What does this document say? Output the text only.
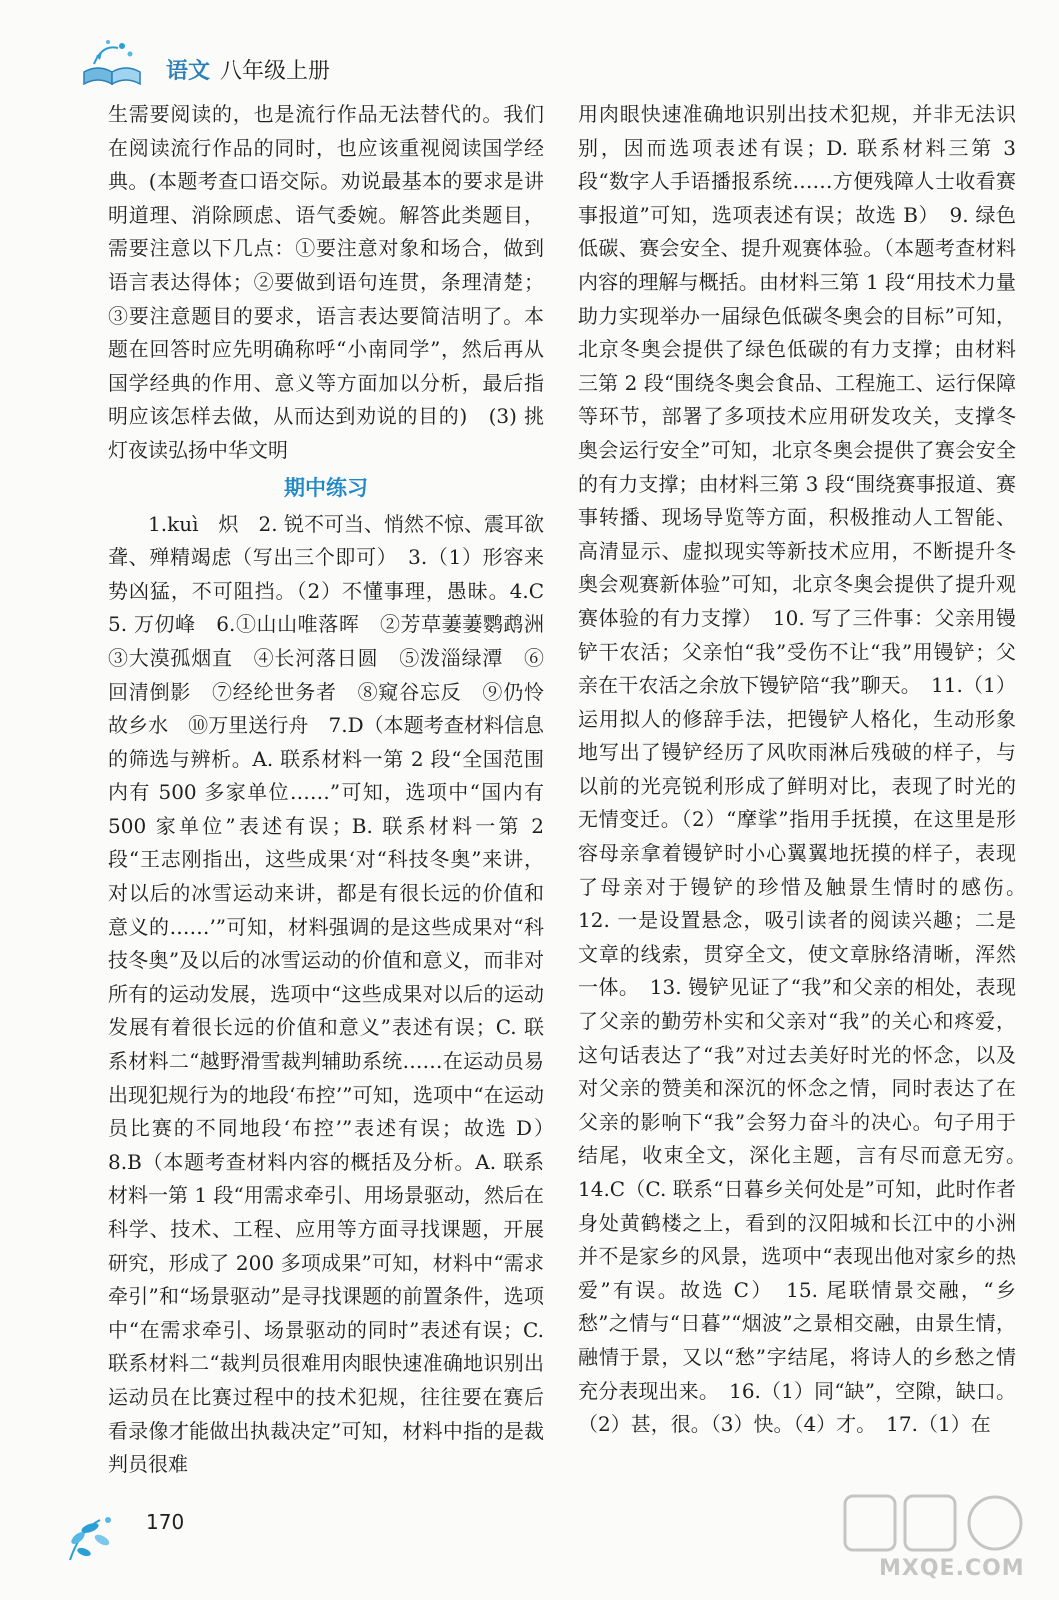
语文 八年级上册

生需要阅读的，也是流行作品无法替代的。我们在阅读流行作品的同时，也应该重视阅读国学经典。(本题考查口语交际。劝说最基本的要求是讲明道理、消除顾虑、语气委婉。解答此类题目，需要注意以下几点：①要注意对象和场合，做到语言表达得体；②要做到语句连贯，条理清楚；③要注意题目的要求，语言表达要简洁明了。本题在回答时应先明确称呼“小南同学”，然后再从国学经典的作用、意义等方面加以分析，最后指明应该怎样去做，从而达到劝说的目的)　(3) 挑灯夜读弘扬中华文明

期中练习

1.kuì　炽　2. 锐不可当、悄然不惊、震耳欲聋、殚精竭虑（写出三个即可）　3.（1）形容来势凶猛，不可阻挡。（2）不懂事理，愚昧。4.C　5. 万仞峰　6.①山山唯落晖　②芳草萋萋鹦鹉洲　③大漠孤烟直　④长河落日圆　⑤泼淄绿潭　⑥回清倒影　⑦经纶世务者　⑧窥谷忘反　⑨仍怜故乡水　⑩万里送行舟　7.D（本题考查材料信息的筛选与辨析。A. 联系材料一第 2 段“全国范围内有 500 多家单位……”可知，选项中“国内有 500 家单位”表述有误；B. 联系材料一第 2 段“王志刚指出，这些成果‘对“科技冬奥”来讲，对以后的冰雪运动来讲，都是有很长远的价值和意义的……’”可知，材料强调的是这些成果对“科技冬奥”及以后的冰雪运动的价值和意义，而非对所有的运动发展，选项中“这些成果对以后的运动发展有着很长远的价值和意义”表述有误；C. 联系材料二“越野滑雪裁判辅助系统……在运动员易出现犯规行为的地段‘布控’”可知，选项中“在运动员比赛的不同地段‘布控’”表述有误；故选 D）　8.B（本题考查材料内容的概括及分析。A. 联系材料一第 1 段“用需求牵引、用场景驱动，然后在科学、技术、工程、应用等方面寻找课题，开展研究，形成了 200 多项成果”可知，材料中“需求牵引”和“场景驱动”是寻找课题的前置条件，选项中“在需求牵引、场景驱动的同时”表述有误；C. 联系材料二“裁判员很难用肉眼快速准确地识别出运动员在比赛过程中的技术犯规，往往要在赛后看录像才能做出执裁决定”可知，材料中指的是裁判员很难

用肉眼快速准确地识别出技术犯规，并非无法识别，因而选项表述有误；D. 联系材料三第 3 段“数字人手语播报系统……方便残障人士收看赛事报道”可知，选项表述有误；故选 B）　9. 绿色低碳、赛会安全、提升观赛体验。（本题考查材料内容的理解与概括。由材料三第 1 段“用技术力量助力实现举办一届绿色低碳冬奥会的目标”可知，北京冬奥会提供了绿色低碳的有力支撑；由材料三第 2 段“围绕冬奥会食品、工程施工、运行保障等环节，部署了多项技术应用研发攻关，支撑冬奥会运行安全”可知，北京冬奥会提供了赛会安全的有力支撑；由材料三第 3 段“围绕赛事报道、赛事转播、现场导览等方面，积极推动人工智能、高清显示、虚拟现实等新技术应用，不断提升冬奥会观赛新体验”可知，北京冬奥会提供了提升观赛体验的有力支撑）　10. 写了三件事：父亲用镘铲干农活；父亲怕“我”受伤不让“我”用镘铲；父亲在干农活之余放下镘铲陪“我”聊天。　11.（1）运用拟人的修辞手法，把镘铲人格化，生动形象地写出了镘铲经历了风吹雨淋后残破的样子，与以前的光亮锐利形成了鲜明对比，表现了时光的无情变迁。（2）“摩挲”指用手抚摸，在这里是形容母亲拿着镘铲时小心翼翼地抚摸的样子，表现了母亲对于镘铲的珍惜及触景生情时的感伤。　12. 一是设置悬念，吸引读者的阅读兴趣；二是文章的线索，贯穿全文，使文章脉络清晰，浑然一体。　13. 镘铲见证了“我”和父亲的相处，表现了父亲的勤劳朴实和父亲对“我”的关心和疼爱，这句话表达了“我”对过去美好时光的怀念，以及对父亲的赞美和深沉的怀念之情，同时表达了在父亲的影响下“我”会努力奋斗的决心。句子用于结尾，收束全文，深化主题，言有尽而意无穷。　14.C（C. 联系“日暮乡关何处是”可知，此时作者身处黄鹤楼之上，看到的汉阳城和长江中的小洲并不是家乡的风景，选项中“表现出他对家乡的热爱”有误。故选 C）　15. 尾联情景交融，“乡愁”之情与“日暮”“烟波”之景相交融，由景生情，融情于景，又以“愁”字结尾，将诗人的乡愁之情充分表现出来。　16.（1）同“缺”，空隙，缺口。（2）甚，很。（3）快。（4）才。　17.（1）在

170
MXQE.COM
